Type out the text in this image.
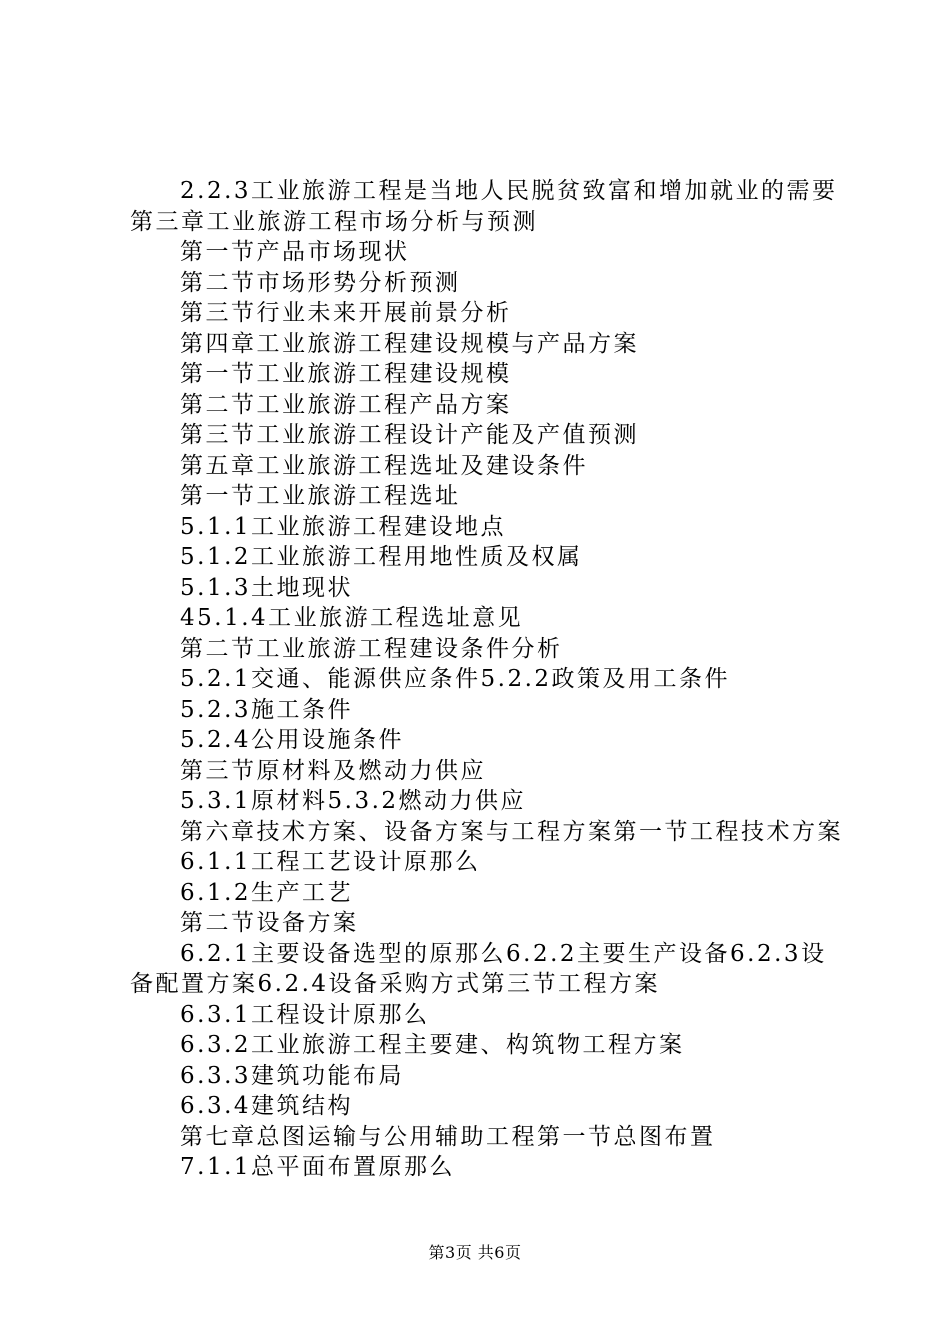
2.2.3工业旅游工程是当地人民脱贫致富和增加就业的需要
第三章工业旅游工程市场分析与预测
第一节产品市场现状
第二节市场形势分析预测
第三节行业未来开展前景分析
第四章工业旅游工程建设规模与产品方案
第一节工业旅游工程建设规模
第二节工业旅游工程产品方案
第三节工业旅游工程设计产能及产值预测
第五章工业旅游工程选址及建设条件
第一节工业旅游工程选址
5.1.1工业旅游工程建设地点
5.1.2工业旅游工程用地性质及权属
5.1.3土地现状
45.1.4工业旅游工程选址意见
第二节工业旅游工程建设条件分析
5.2.1交通、能源供应条件5.2.2政策及用工条件
5.2.3施工条件
5.2.4公用设施条件
第三节原材料及燃动力供应
5.3.1原材料5.3.2燃动力供应
第六章技术方案、设备方案与工程方案第一节工程技术方案
6.1.1工程工艺设计原那么
6.1.2生产工艺
第二节设备方案
6.2.1主要设备选型的原那么6.2.2主要生产设备6.2.3设
备配置方案6.2.4设备采购方式第三节工程方案
6.3.1工程设计原那么
6.3.2工业旅游工程主要建、构筑物工程方案
6.3.3建筑功能布局
6.3.4建筑结构
第七章总图运输与公用辅助工程第一节总图布置
7.1.1总平面布置原那么
第3页 共6页
